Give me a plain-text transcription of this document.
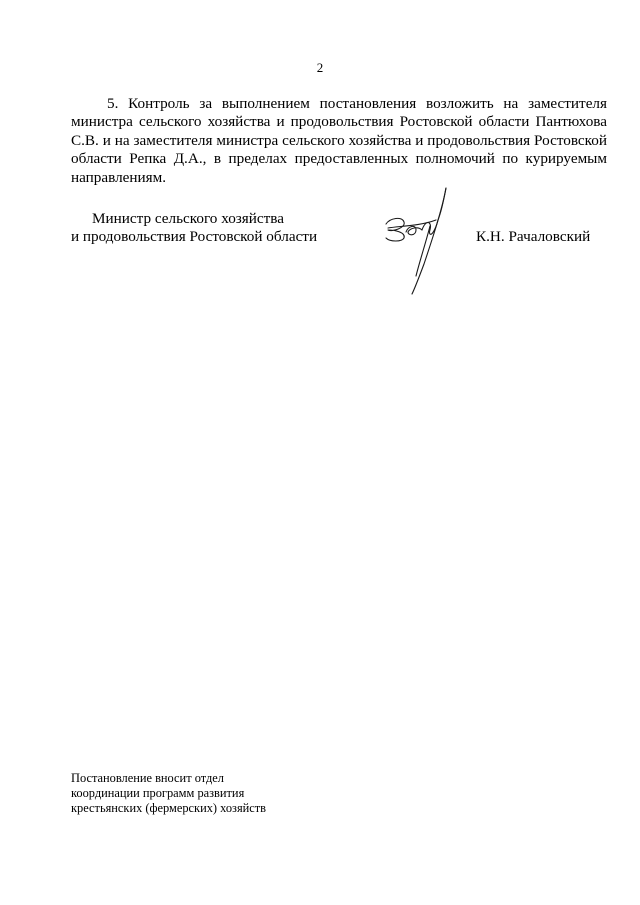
2

5. Контроль за выполнением постановления возложить на заместителя министра сельского хозяйства и продовольствия Ростовской области Пантюхова С.В. и на заместителя министра сельского хозяйства и продовольствия Ростовской области Репка Д.А., в пределах предоставленных полномочий по курируемым направлениям.

Министр сельского хозяйства
и продовольствия Ростовской области	К.Н. Рачаловский
Постановление вносит отдел
координации программ развития
крестьянских (фермерских) хозяйств
